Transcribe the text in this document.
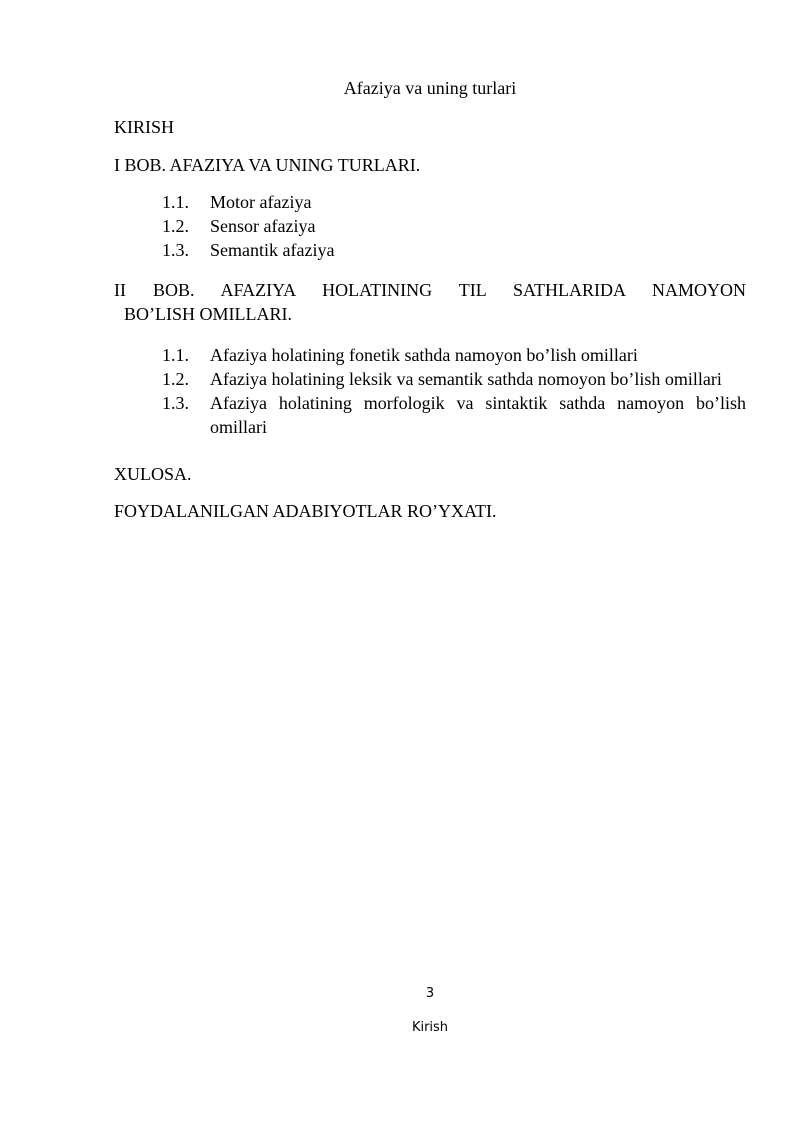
Afaziya va uning turlari
KIRISH
I BOB. AFAZIYA VA UNING TURLARI.
1.1.	Motor afaziya
1.2.	Sensor afaziya
1.3.	Semantik afaziya
II BOB. AFAZIYA HOLATINING TIL SATHLARIDA NAMOYON
BO’LISH OMILLARI.
1.1.	Afaziya holatining fonetik sathda namoyon bo’lish omillari
1.2.	Afaziya holatining leksik va semantik sathda nomoyon bo’lish omillari
1.3.	Afaziya holatining morfologik va sintaktik sathda namoyon bo’lish omillari
XULOSA.
FOYDALANILGAN ADABIYOTLAR RO’YXATI.
3
Kirish
